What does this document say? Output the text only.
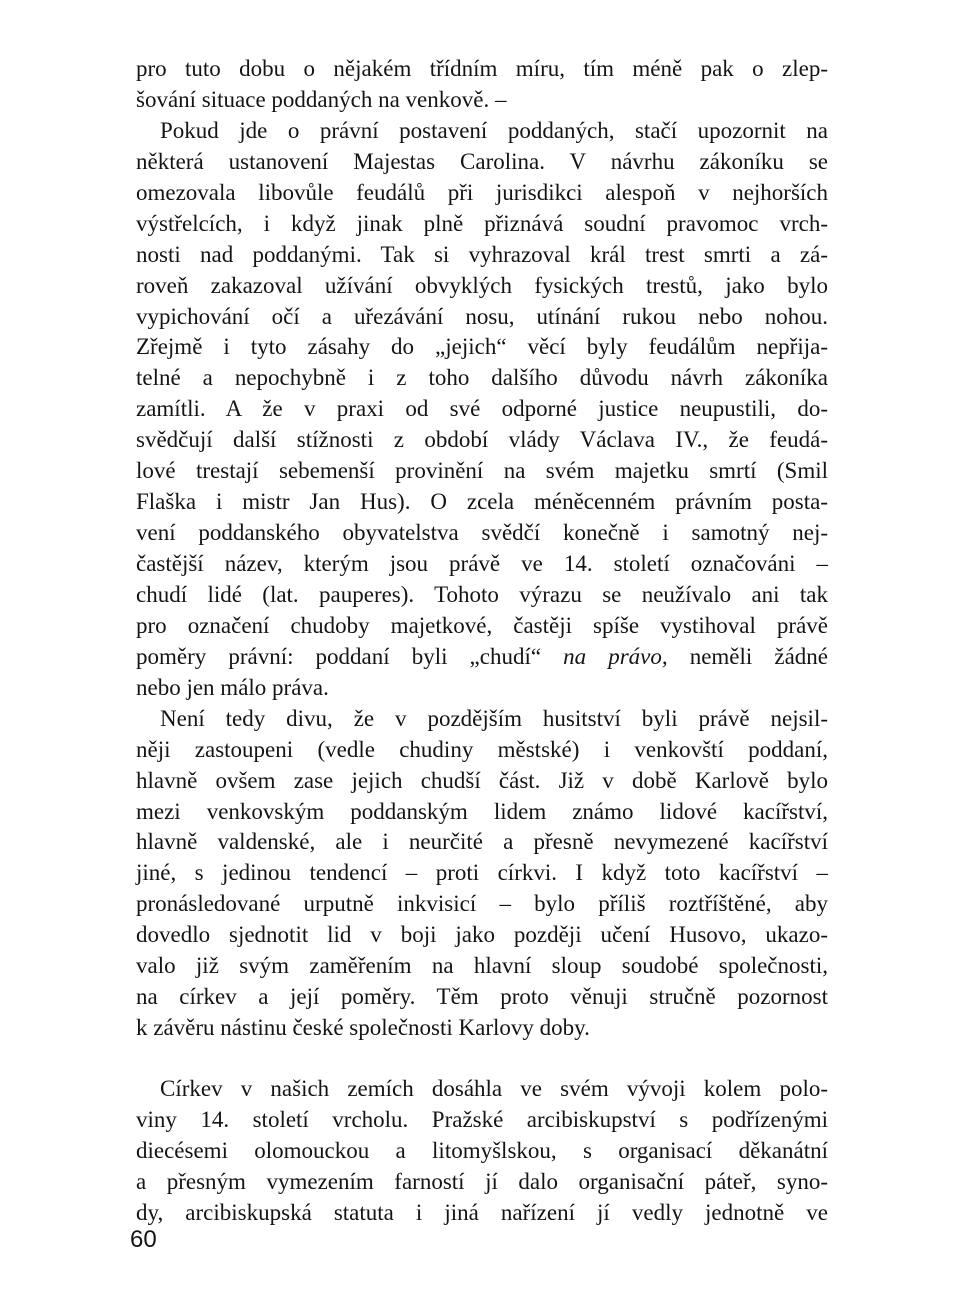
pro tuto dobu o nějakém třídním míru, tím méně pak o zlep-
šování situace poddaných na venkově. –
Pokud jde o právní postavení poddaných, stačí upozornit na
některá ustanovení Majestas Carolina. V návrhu zákoníku se
omezovala libovůle feudálů při jurisdikci alespoň v nejhorších
výstřelcích, i když jinak plně přiznává soudní pravomoc vrch-
nosti nad poddanými. Tak si vyhrazoval král trest smrti a zá-
roveň zakazoval užívání obvyklých fysických trestů, jako bylo
vypichování očí a uřezávání nosu, utínání rukou nebo nohou.
Zřejmě i tyto zásahy do „jejich“ věcí byly feudálům nepřija-
telné a nepochybně i z toho dalšího důvodu návrh zákoníka
zamítli. A že v praxi od své odporné justice neupustili, do-
svědčují další stížnosti z období vlády Václava IV., že feudá-
lové trestají sebemenší provinění na svém majetku smrtí (Smil
Flaška i mistr Jan Hus). O zcela méněcenném právním posta-
vení poddanského obyvatelstva svědčí konečně i samotný nej-
častější název, kterým jsou právě ve 14. století označováni –
chudí lidé (lat. pauperes). Tohoto výrazu se neužívalo ani tak
pro označení chudoby majetkové, častěji spíše vystihoval právě
poměry právní: poddaní byli „chudí“ na právo, neměli žádné
nebo jen málo práva.
Není tedy divu, že v pozdějším husitství byli právě nejsil-
něji zastoupeni (vedle chudiny městské) i venkovští poddaní,
hlavně ovšem zase jejich chudší část. Již v době Karlově bylo
mezi venkovským poddanským lidem známo lidové kacířství,
hlavně valdenské, ale i neurčité a přesně nevymezené kacířství
jiné, s jedinou tendencí – proti církvi. I když toto kacířství –
pronásledované urputně inkvisicí – bylo příliš roztříštěné, aby
dovedlo sjednotit lid v boji jako později učení Husovo, ukazo-
valo již svým zaměřením na hlavní sloup soudobé společnosti,
na církev a její poměry. Těm proto věnuji stručně pozornost
k závěru nástinu české společnosti Karlovy doby.
Církev v našich zemích dosáhla ve svém vývoji kolem polo-
viny 14. století vrcholu. Pražské arcibiskupství s podřízenými
diecésemi olomouckou a litomyšlskou, s organisací děkanátní
a přesným vymezením farností jí dalo organisační páteř, syno-
dy, arcibiskupská statuta i jiná nařízení jí vedly jednotně ve
60
